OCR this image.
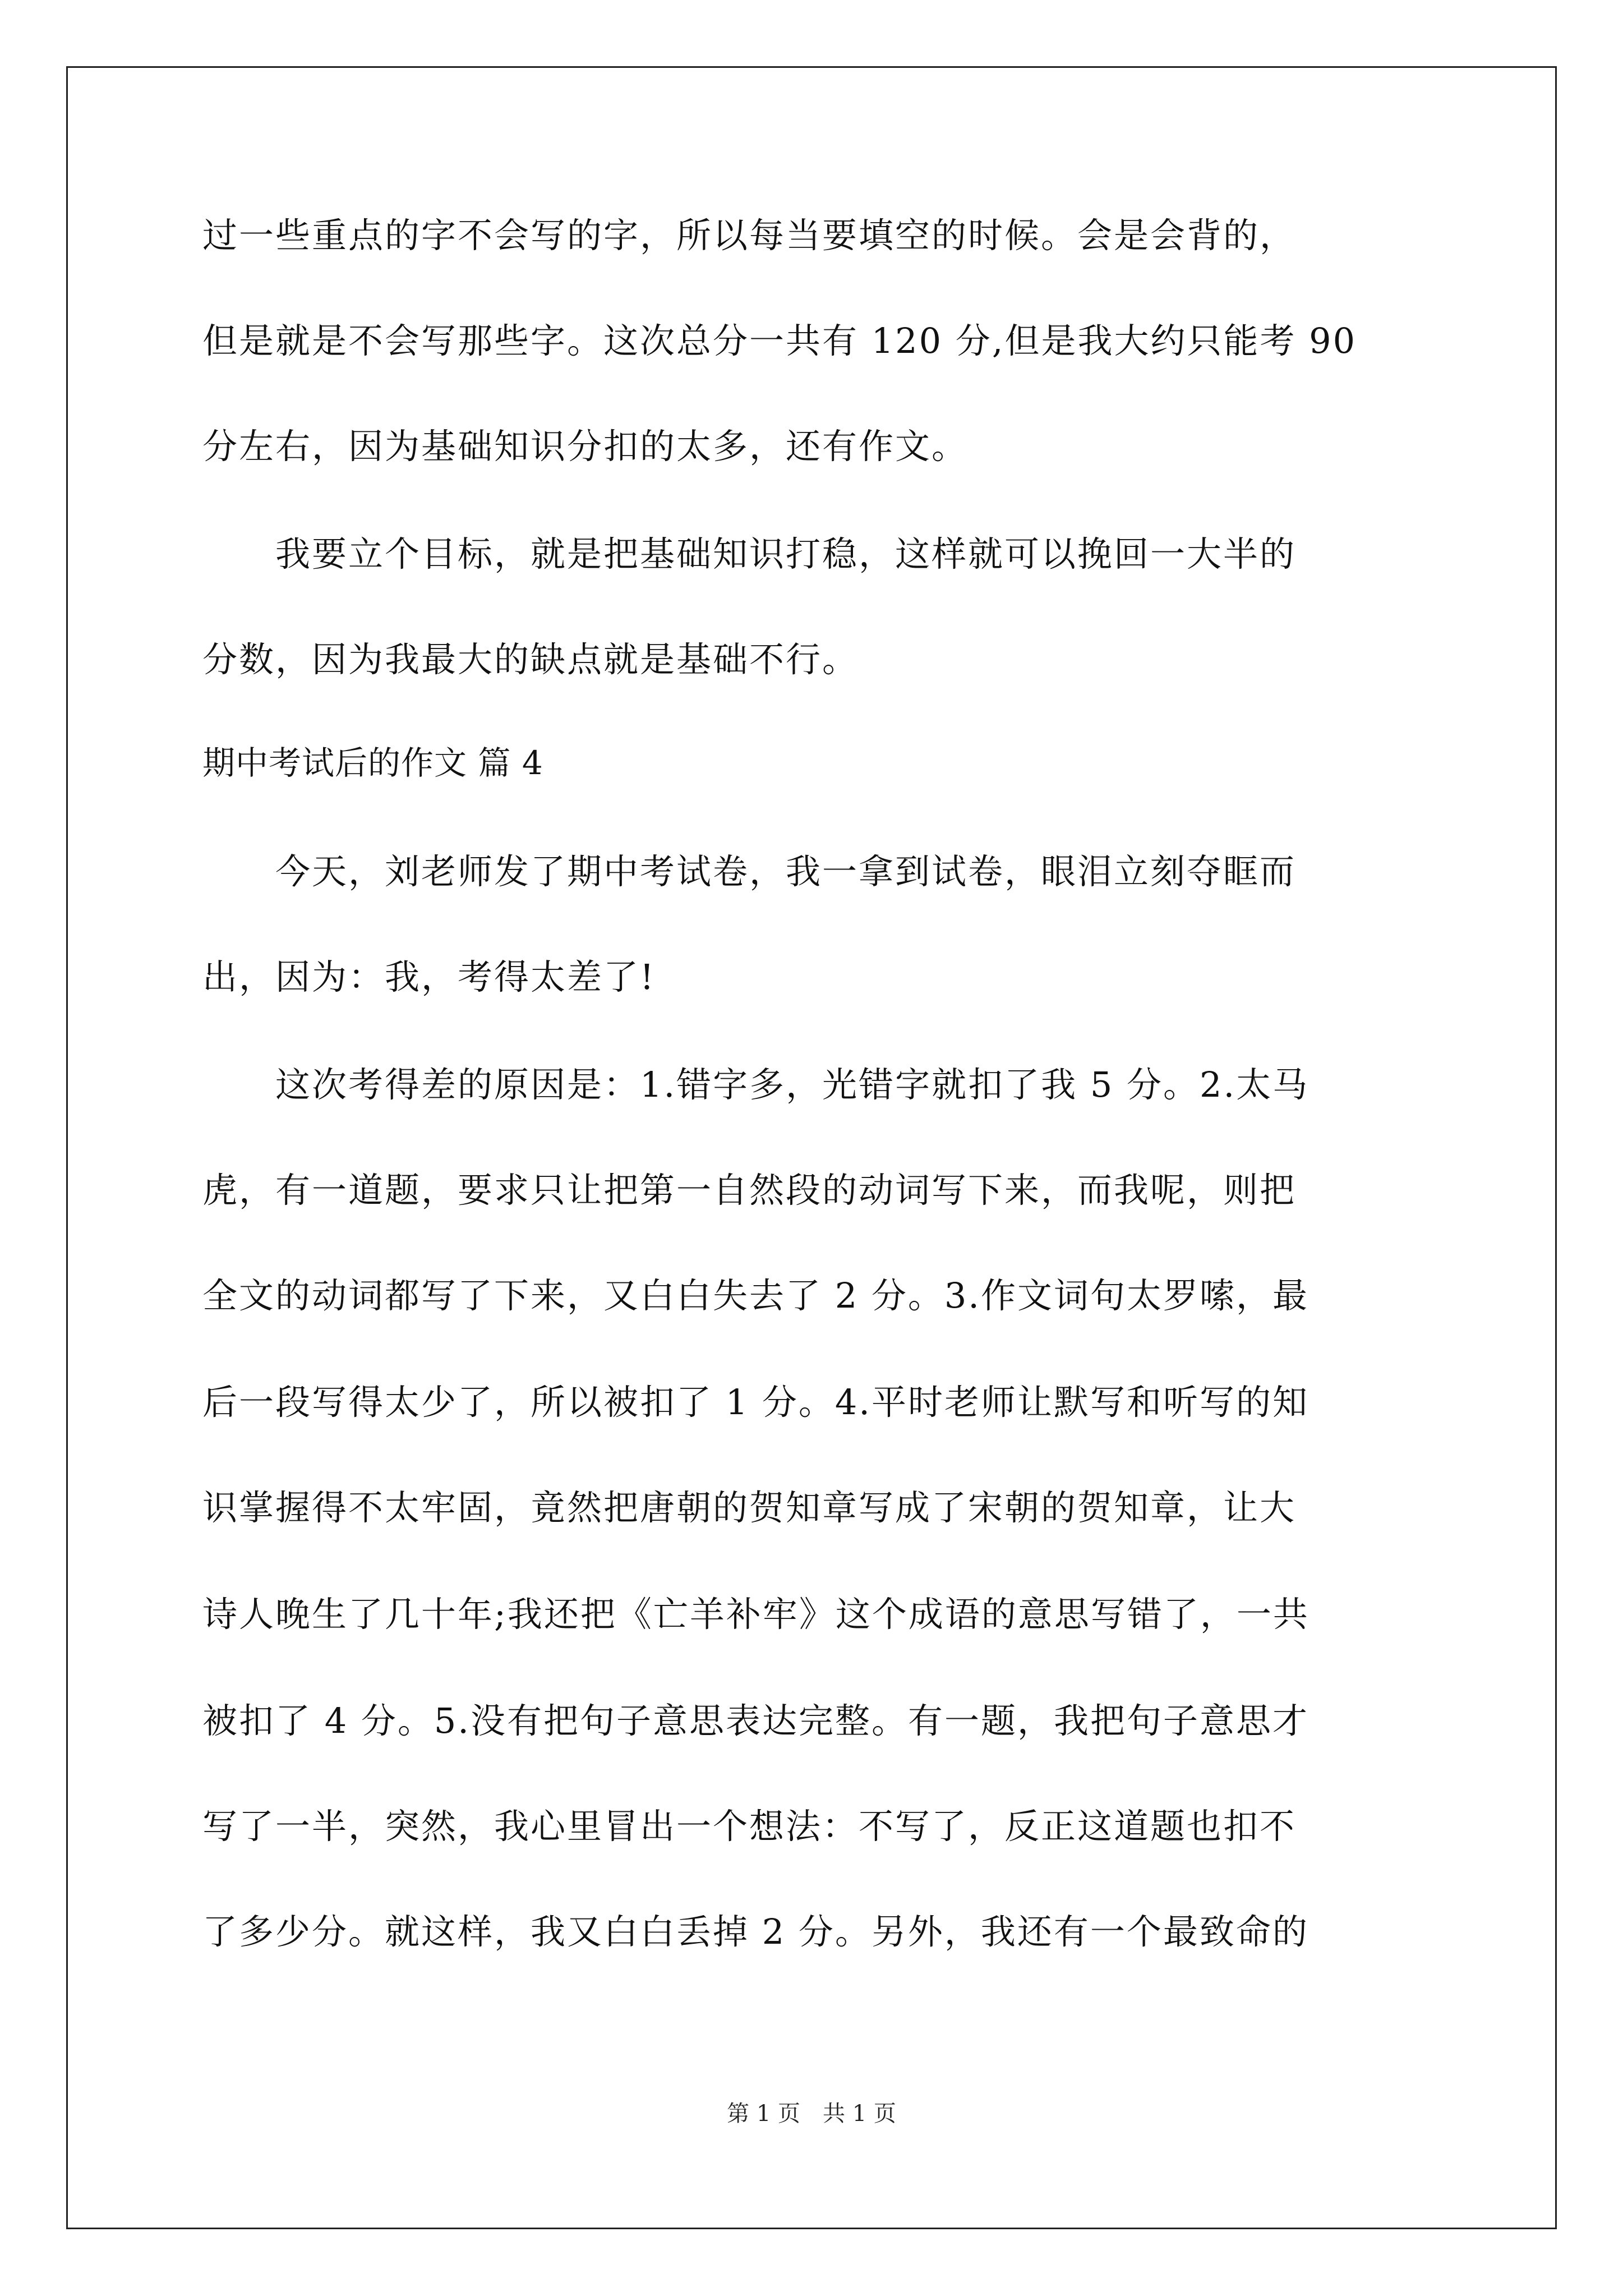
过一些重点的字不会写的字，所以每当要填空的时候。会是会背的，
但是就是不会写那些字。这次总分一共有 120 分,但是我大约只能考 90
分左右，因为基础知识分扣的太多，还有作文。
　　我要立个目标，就是把基础知识打稳，这样就可以挽回一大半的
分数，因为我最大的缺点就是基础不行。
期中考试后的作文 篇 4
　　今天，刘老师发了期中考试卷，我一拿到试卷，眼泪立刻夺眶而
出，因为：我，考得太差了!
　　这次考得差的原因是：1.错字多，光错字就扣了我 5 分。2.太马
虎，有一道题，要求只让把第一自然段的动词写下来，而我呢，则把
全文的动词都写了下来，又白白失去了 2 分。3.作文词句太罗嗦，最
后一段写得太少了，所以被扣了 1 分。4.平时老师让默写和听写的知
识掌握得不太牢固，竟然把唐朝的贺知章写成了宋朝的贺知章，让大
诗人晚生了几十年;我还把《亡羊补牢》这个成语的意思写错了，一共
被扣了 4 分。5.没有把句子意思表达完整。有一题，我把句子意思才
写了一半，突然，我心里冒出一个想法：不写了，反正这道题也扣不
了多少分。就这样，我又白白丢掉 2 分。另外，我还有一个最致命的
第 1 页　共 1 页
